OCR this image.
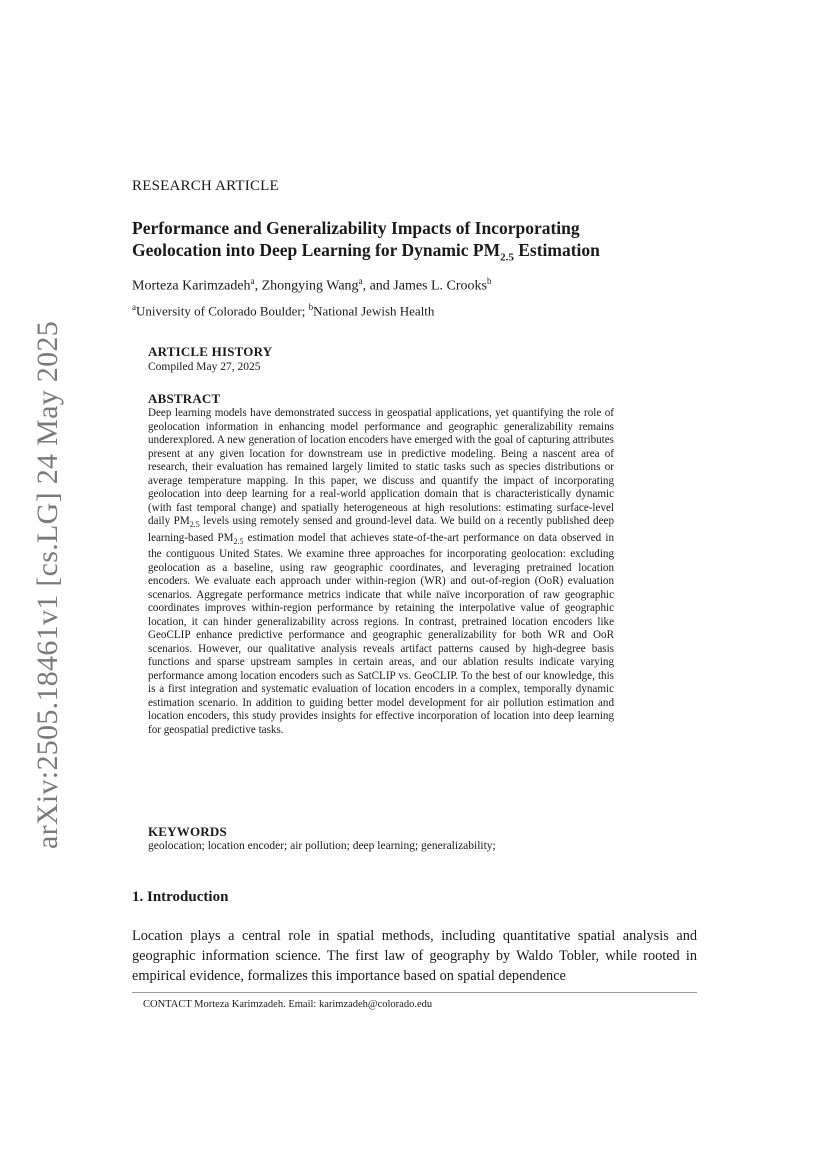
arXiv:2505.18461v1 [cs.LG] 24 May 2025
RESEARCH ARTICLE
Performance and Generalizability Impacts of Incorporating
Geolocation into Deep Learning for Dynamic $PM_{2.5}$ Estimation
Morteza Karimzadeh$^a$, Zhongying Wang$^a$, and James L. Crooks$^b$
$^a$University of Colorado Boulder; $^b$National Jewish Health
ARTICLE HISTORY
Compiled May 27, 2025
ABSTRACT

Deep learning models have demonstrated success in geospatial applications, yet quantifying the role of geolocation information in enhancing model performance and geographic generalizability remains underexplored. A new generation of location encoders have emerged with the goal of capturing attributes present at any given location for downstream use in predictive modeling. Being a nascent area of research, their evaluation has remained largely limited to static tasks such as species distributions or average temperature mapping. In this paper, we discuss and quantify the impact of incorporating geolocation into deep learning for a real-world application domain that is characteristically dynamic (with fast temporal change) and spatially heterogeneous at high resolutions: estimating surface-level daily $PM_{2.5}$ levels using remotely sensed and ground-level data. We build on a recently published deep learning-based $PM_{2.5}$ estimation model that achieves state-of-the-art performance on data observed in the contiguous United States. We examine three approaches for incorporating geolocation: excluding geolocation as a baseline, using raw geographic coordinates, and leveraging pretrained location encoders. We evaluate each approach under within-region (WR) and out-of-region (OoR) evaluation scenarios. Aggregate performance metrics indicate that while naïve incorporation of raw geographic coordinates improves within-region performance by retaining the interpolative value of geographic location, it can hinder generalizability across regions. In contrast, pretrained location encoders like GeoCLIP enhance predictive performance and geographic generalizability for both WR and OoR scenarios. However, our qualitative analysis reveals artifact patterns caused by high-degree basis functions and sparse upstream samples in certain areas, and our ablation results indicate varying performance among location encoders such as SatCLIP vs. GeoCLIP. To the best of our knowledge, this is a first integration and systematic evaluation of location encoders in a complex, temporally dynamic estimation scenario. In addition to guiding better model development for air pollution estimation and location encoders, this study provides insights for effective incorporation of location into deep learning for geospatial predictive tasks.

KEYWORDS
geolocation; location encoder; air pollution; deep learning; generalizability;
1. Introduction

Location plays a central role in spatial methods, including quantitative spatial analysis and geographic information science. The first law of geography by Waldo Tobler, while rooted in empirical evidence, formalizes this importance based on spatial dependence

CONTACT Morteza Karimzadeh. Email: karimzadeh@colorado.edu
